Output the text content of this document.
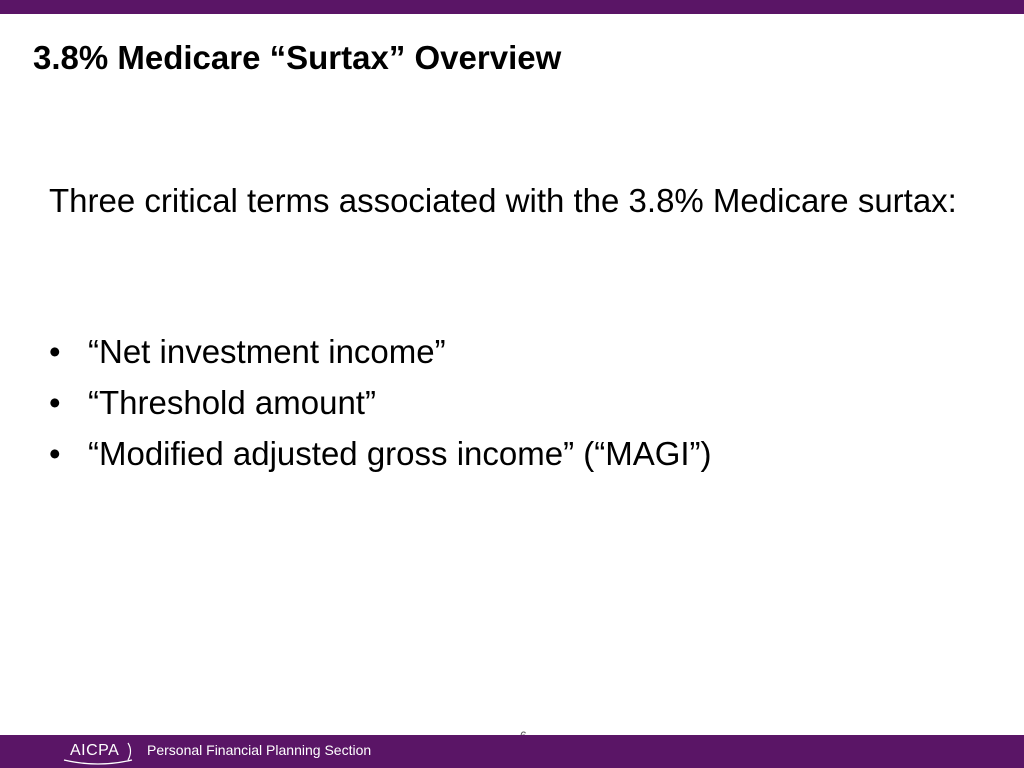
3.8% Medicare “Surtax” Overview

Three critical terms associated with the 3.8% Medicare surtax:

• “Net investment income”
• “Threshold amount”
• “Modified adjusted gross income” (“MAGI”)
AICPA Personal Financial Planning Section
